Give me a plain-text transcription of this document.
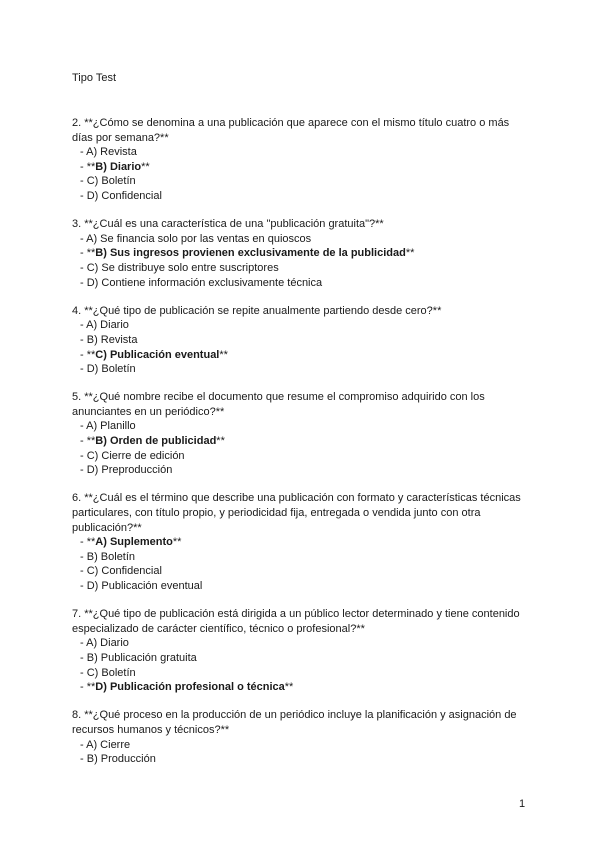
Tipo Test

2. **¿Cómo se denomina a una publicación que aparece con el mismo título cuatro o más días por semana?**

- A) Revista
- **B) Diario**
- C) Boletín
- D) Confidencial

3. **¿Cuál es una característica de una "publicación gratuita"?**

- A) Se financia solo por las ventas en quioscos
- **B) Sus ingresos provienen exclusivamente de la publicidad**
- C) Se distribuye solo entre suscriptores
- D) Contiene información exclusivamente técnica

4. **¿Qué tipo de publicación se repite anualmente partiendo desde cero?**

- A) Diario
- B) Revista
- **C) Publicación eventual**
- D) Boletín

5. **¿Qué nombre recibe el documento que resume el compromiso adquirido con los anunciantes en un periódico?**

- A) Planillo
- **B) Orden de publicidad**
- C) Cierre de edición
- D) Preproducción

6. **¿Cuál es el término que describe una publicación con formato y características técnicas particulares, con título propio, y periodicidad fija, entregada o vendida junto con otra publicación?**

- **A) Suplemento**
- B) Boletín
- C) Confidencial
- D) Publicación eventual

7. **¿Qué tipo de publicación está dirigida a un público lector determinado y tiene contenido especializado de carácter científico, técnico o profesional?**

- A) Diario
- B) Publicación gratuita
- C) Boletín
- **D) Publicación profesional o técnica**

8. **¿Qué proceso en la producción de un periódico incluye la planificación y asignación de recursos humanos y técnicos?**

- A) Cierre
- B) Producción
1
